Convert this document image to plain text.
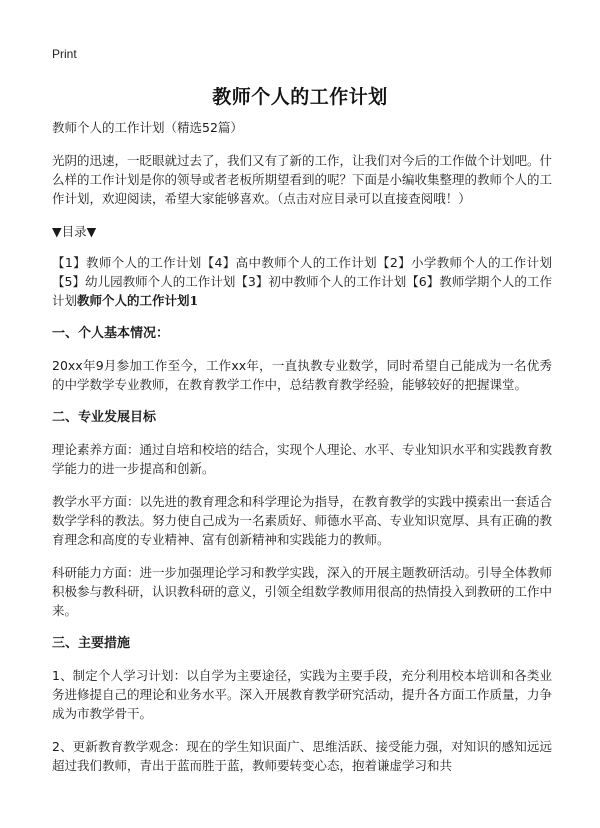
Print
教师个人的工作计划

教师个人的工作计划（精选52篇）

光阴的迅速，一眨眼就过去了，我们又有了新的工作，让我们对今后的工作做个计划吧。什么样的工作计划是你的领导或者老板所期望看到的呢？下面是小编收集整理的教师个人的工作计划，欢迎阅读，希望大家能够喜欢。（点击对应目录可以直接查阅哦！）

▼目录▼

【1】教师个人的工作计划【4】高中教师个人的工作计划【2】小学教师个人的工作计划【5】幼儿园教师个人的工作计划【3】初中教师个人的工作计划【6】教师学期个人的工作计划教师个人的工作计划1

一、个人基本情况：

20xx年9月参加工作至今，工作xx年，一直执教专业数学，同时希望自己能成为一名优秀的中学数学专业教师，在教育教学工作中，总结教育教学经验，能够较好的把握课堂。

二、专业发展目标

理论素养方面：通过自培和校培的结合，实现个人理论、水平、专业知识水平和实践教育教学能力的进一步提高和创新。

教学水平方面：以先进的教育理念和科学理论为指导，在教育教学的实践中摸索出一套适合数学学科的教法。努力使自己成为一名素质好、师德水平高、专业知识宽厚、具有正确的教育理念和高度的专业精神、富有创新精神和实践能力的教师。

科研能力方面：进一步加强理论学习和教学实践，深入的开展主题教研活动。引导全体教师积极参与教科研，认识教科研的意义，引领全组数学教师用很高的热情投入到教研的工作中来。

三、主要措施

1、制定个人学习计划：以自学为主要途径，实践为主要手段，充分利用校本培训和各类业务进修提自己的理论和业务水平。深入开展教育教学研究活动，提升各方面工作质量，力争成为市教学骨干。

2、更新教育教学观念：现在的学生知识面广、思维活跃、接受能力强，对知识的感知远远超过我们教师，青出于蓝而胜于蓝，教师要转变心态，抱着谦虚学习和共
